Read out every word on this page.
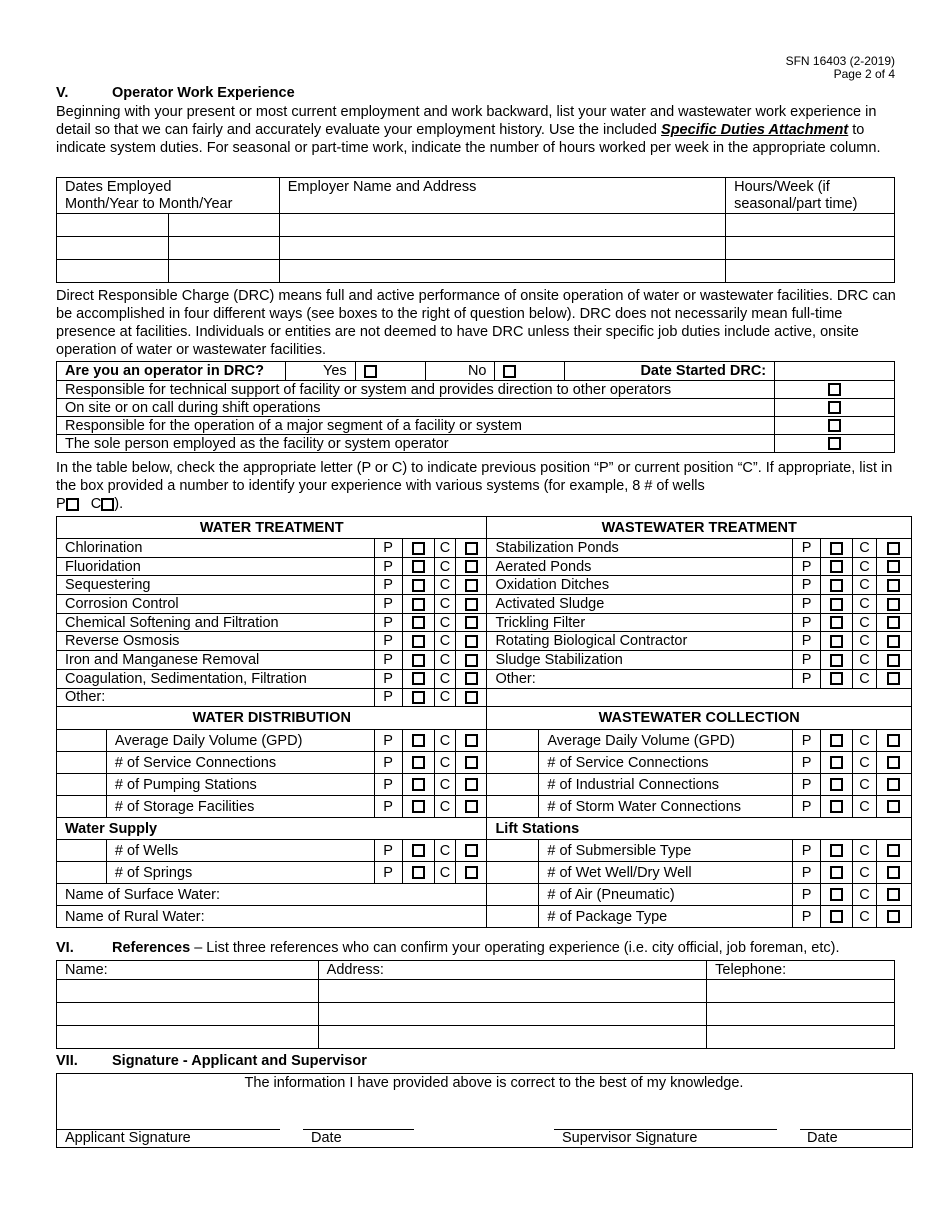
SFN 16403 (2-2019)
Page 2 of 4
V.	Operator Work Experience

Beginning with your present or most current employment and work backward, list your water and wastewater work experience in detail so that we can fairly and accurately evaluate your employment history. Use the included Specific Duties Attachment to indicate system duties. For seasonal or part-time work, indicate the number of hours worked per week in the appropriate column.

Dates Employed
Month/Year to Month/Year		Employer Name and Address	Hours/Week (if seasonal/part time)

Direct Responsible Charge (DRC) means full and active performance of onsite operation of water or wastewater facilities. DRC can be accomplished in four different ways (see boxes to the right of question below). DRC does not necessarily mean full-time presence at facilities. Individuals or entities are not deemed to have DRC unless their specific job duties include active, onsite operation of water or wastewater facilities.

Are you an operator in DRC?	Yes		No		Date Started DRC:	
Responsible for technical support of facility or system and provides direction to other operators						
On site or on call during shift operations						
Responsible for the operation of a major segment of a facility or system						
The sole person employed as the facility or system operator						

In the table below, check the appropriate letter (P or C) to indicate previous position “P” or current position “C”. If appropriate, list in the box provided a number to identify your experience with various systems (for example, 8 # of wells
P C ).

WATER TREATMENT						WASTEWATER TREATMENT					
Chlorination		P		C		Stabilization Ponds		P		C	
Fluoridation		P		C		Aerated Ponds		P		C	
Sequestering		P		C		Oxidation Ditches		P		C	
Corrosion Control		P		C		Activated Sludge		P		C	
Chemical Softening and Filtration		P		C		Trickling Filter		P		C	
Reverse Osmosis		P		C		Rotating Biological Contractor		P		C	
Iron and Manganese Removal		P		C		Sludge Stabilization		P		C	
Coagulation, Sedimentation, Filtration		P		C		Other:		P		C	
Other:		P		C							
WATER DISTRIBUTION						WASTEWATER COLLECTION					
	Average Daily Volume (GPD)	P		C			Average Daily Volume (GPD)	P		C	
	# of Service Connections	P		C			# of Service Connections	P		C	
	# of Pumping Stations	P		C			# of Industrial Connections	P		C	
	# of Storage Facilities	P		C			# of Storm Water Connections	P		C	
Water Supply						Lift Stations					
	# of Wells	P		C			# of Submersible Type	P		C	
	# of Springs	P		C			# of Wet Well/Dry Well	P		C	
Name of Surface Water:							# of Air (Pneumatic)	P		C	
Name of Rural Water:							# of Package Type	P		C	
VI.	References – List three references who can confirm your operating experience (i.e. city official, job foreman, etc).
Name:	Address:	Telephone:

VII. Signature - Applicant and Supervisor
The information I have provided above is correct to the best of my knowledge.
Applicant Signature	Date	Supervisor Signature	Date
